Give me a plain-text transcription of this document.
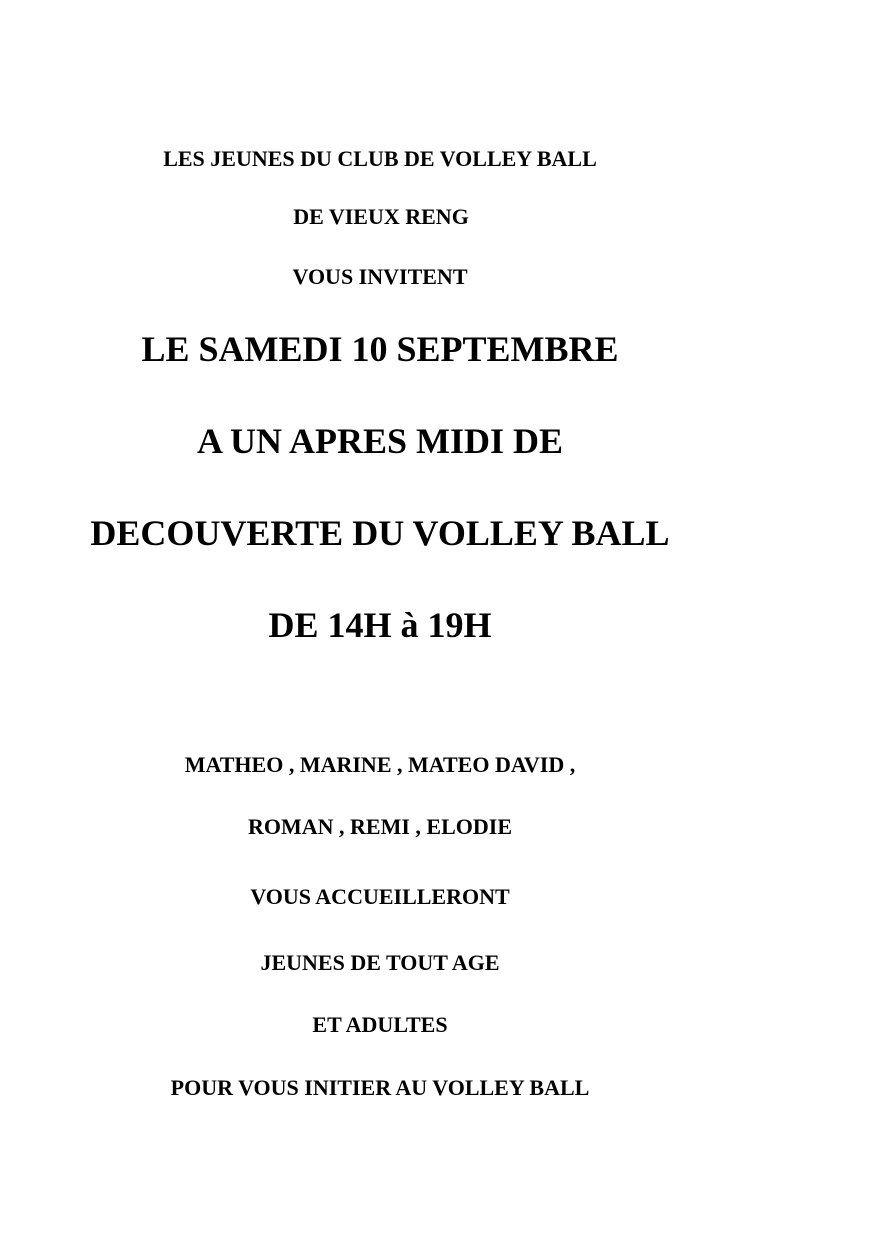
LES JEUNES DU CLUB DE VOLLEY BALL
DE VIEUX RENG
VOUS INVITENT
LE SAMEDI 10 SEPTEMBRE
A UN APRES MIDI DE
DECOUVERTE DU VOLLEY BALL
DE 14H à 19H
MATHEO , MARINE , MATEO DAVID ,
ROMAN , REMI , ELODIE
VOUS ACCUEILLERONT
JEUNES DE TOUT AGE
ET ADULTES
POUR VOUS INITIER AU VOLLEY BALL
